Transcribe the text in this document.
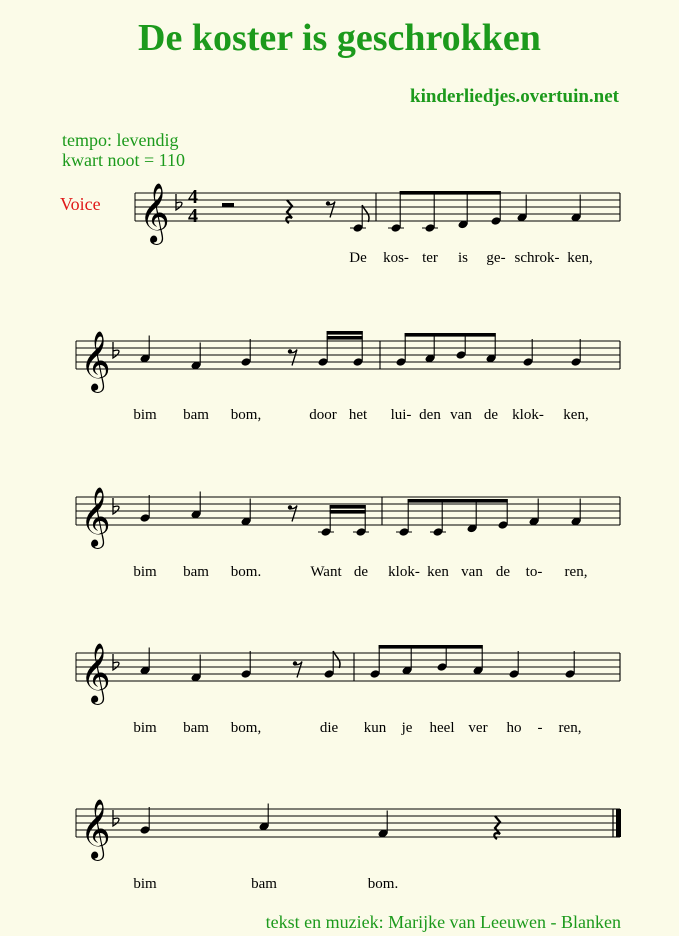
De koster is geschrokken
kinderliedjes.overtuin.net
tempo: levendig
kwart noot = 110
Voice	4
4
𝄞
𝄞
𝄞
𝄞
𝄞
De kos- ter is ge- schrok- ken,
bim bam bom,	door het lui- den van de klok- ken,
bim bam bom.	Want de klok- ken van de to- ren,
bim bam bom,	die kun je heel ver ho - ren,
bim	bam	bom.
tekst en muziek: Marijke van Leeuwen - Blanken
